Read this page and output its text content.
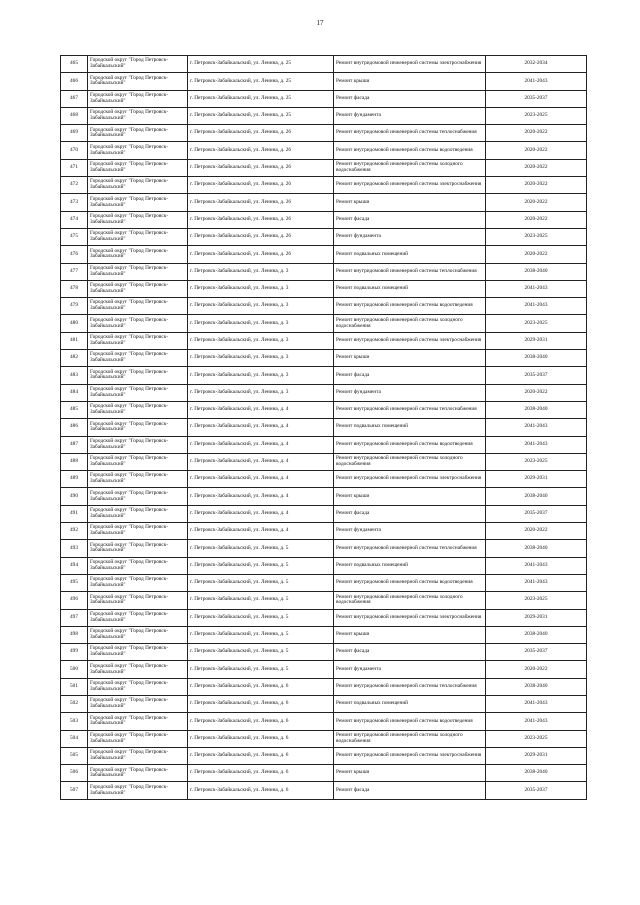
17
465	Городской округ "Город Петровск-Забайкальский"	г. Петровск-Забайкальский, ул. Ленина, д. 25	Ремонт внутридомовой инженерной системы электроснабжения	2032-2034
466	Городской округ "Город Петровск-Забайкальский"	г. Петровск-Забайкальский, ул. Ленина, д. 25	Ремонт крыши	2041-2043
467	Городской округ "Город Петровск-Забайкальский"	г. Петровск-Забайкальский, ул. Ленина, д. 25	Ремонт фасада	2035-2037
468	Городской округ "Город Петровск-Забайкальский"	г. Петровск-Забайкальский, ул. Ленина, д. 25	Ремонт фундамента	2023-2025
469	Городской округ "Город Петровск-Забайкальский"	г. Петровск-Забайкальский, ул. Ленина, д. 26	Ремонт внутридомовой инженерной системы теплоснабжения	2020-2022
470	Городской округ "Город Петровск-Забайкальский"	г. Петровск-Забайкальский, ул. Ленина, д. 26	Ремонт внутридомовой инженерной системы водоотведения	2020-2022
471	Городской округ "Город Петровск-Забайкальский"	г. Петровск-Забайкальский, ул. Ленина, д. 26	Ремонт внутридомовой инженерной системы холодного водоснабжения	2020-2022
472	Городской округ "Город Петровск-Забайкальский"	г. Петровск-Забайкальский, ул. Ленина, д. 26	Ремонт внутридомовой инженерной системы электроснабжения	2020-2022
473	Городской округ "Город Петровск-Забайкальский"	г. Петровск-Забайкальский, ул. Ленина, д. 26	Ремонт крыши	2020-2022
474	Городской округ "Город Петровск-Забайкальский"	г. Петровск-Забайкальский, ул. Ленина, д. 26	Ремонт фасада	2020-2022
475	Городской округ "Город Петровск-Забайкальский"	г. Петровск-Забайкальский, ул. Ленина, д. 26	Ремонт фундамента	2023-2025
476	Городской округ "Город Петровск-Забайкальский"	г. Петровск-Забайкальский, ул. Ленина, д. 26	Ремонт подвальных помещений	2020-2022
477	Городской округ "Город Петровск-Забайкальский"	г. Петровск-Забайкальский, ул. Ленина, д. 3	Ремонт внутридомовой инженерной системы теплоснабжения	2038-2040
478	Городской округ "Город Петровск-Забайкальский"	г. Петровск-Забайкальский, ул. Ленина, д. 3	Ремонт подвальных помещений	2041-2043
479	Городской округ "Город Петровск-Забайкальский"	г. Петровск-Забайкальский, ул. Ленина, д. 3	Ремонт внутридомовой инженерной системы водоотведения	2041-2043
480	Городской округ "Город Петровск-Забайкальский"	г. Петровск-Забайкальский, ул. Ленина, д. 3	Ремонт внутридомовой инженерной системы холодного водоснабжения	2023-2025
481	Городской округ "Город Петровск-Забайкальский"	г. Петровск-Забайкальский, ул. Ленина, д. 3	Ремонт внутридомовой инженерной системы электроснабжения	2029-2031
482	Городской округ "Город Петровск-Забайкальский"	г. Петровск-Забайкальский, ул. Ленина, д. 3	Ремонт крыши	2038-2040
483	Городской округ "Город Петровск-Забайкальский"	г. Петровск-Забайкальский, ул. Ленина, д. 3	Ремонт фасада	2035-2037
484	Городской округ "Город Петровск-Забайкальский"	г. Петровск-Забайкальский, ул. Ленина, д. 3	Ремонт фундамента	2020-2022
485	Городской округ "Город Петровск-Забайкальский"	г. Петровск-Забайкальский, ул. Ленина, д. 4	Ремонт внутридомовой инженерной системы теплоснабжения	2038-2040
486	Городской округ "Город Петровск-Забайкальский"	г. Петровск-Забайкальский, ул. Ленина, д. 4	Ремонт подвальных помещений	2041-2043
487	Городской округ "Город Петровск-Забайкальский"	г. Петровск-Забайкальский, ул. Ленина, д. 4	Ремонт внутридомовой инженерной системы водоотведения	2041-2043
488	Городской округ "Город Петровск-Забайкальский"	г. Петровск-Забайкальский, ул. Ленина, д. 4	Ремонт внутридомовой инженерной системы холодного водоснабжения	2023-2025
489	Городской округ "Город Петровск-Забайкальский"	г. Петровск-Забайкальский, ул. Ленина, д. 4	Ремонт внутридомовой инженерной системы электроснабжения	2029-2031
490	Городской округ "Город Петровск-Забайкальский"	г. Петровск-Забайкальский, ул. Ленина, д. 4	Ремонт крыши	2038-2040
491	Городской округ "Город Петровск-Забайкальский"	г. Петровск-Забайкальский, ул. Ленина, д. 4	Ремонт фасада	2035-2037
492	Городской округ "Город Петровск-Забайкальский"	г. Петровск-Забайкальский, ул. Ленина, д. 4	Ремонт фундамента	2020-2022
493	Городской округ "Город Петровск-Забайкальский"	г. Петровск-Забайкальский, ул. Ленина, д. 5	Ремонт внутридомовой инженерной системы теплоснабжения	2038-2040
494	Городской округ "Город Петровск-Забайкальский"	г. Петровск-Забайкальский, ул. Ленина, д. 5	Ремонт подвальных помещений	2041-2043
495	Городской округ "Город Петровск-Забайкальский"	г. Петровск-Забайкальский, ул. Ленина, д. 5	Ремонт внутридомовой инженерной системы водоотведения	2041-2043
496	Городской округ "Город Петровск-Забайкальский"	г. Петровск-Забайкальский, ул. Ленина, д. 5	Ремонт внутридомовой инженерной системы холодного водоснабжения	2023-2025
497	Городской округ "Город Петровск-Забайкальский"	г. Петровск-Забайкальский, ул. Ленина, д. 5	Ремонт внутридомовой инженерной системы электроснабжения	2029-2031
498	Городской округ "Город Петровск-Забайкальский"	г. Петровск-Забайкальский, ул. Ленина, д. 5	Ремонт крыши	2038-2040
499	Городской округ "Город Петровск-Забайкальский"	г. Петровск-Забайкальский, ул. Ленина, д. 5	Ремонт фасада	2035-2037
500	Городской округ "Город Петровск-Забайкальский"	г. Петровск-Забайкальский, ул. Ленина, д. 5	Ремонт фундамента	2020-2022
501	Городской округ "Город Петровск-Забайкальский"	г. Петровск-Забайкальский, ул. Ленина, д. 6	Ремонт внутридомовой инженерной системы теплоснабжения	2038-2040
502	Городской округ "Город Петровск-Забайкальский"	г. Петровск-Забайкальский, ул. Ленина, д. 6	Ремонт подвальных помещений	2041-2043
503	Городской округ "Город Петровск-Забайкальский"	г. Петровск-Забайкальский, ул. Ленина, д. 6	Ремонт внутридомовой инженерной системы водоотведения	2041-2043
504	Городской округ "Город Петровск-Забайкальский"	г. Петровск-Забайкальский, ул. Ленина, д. 6	Ремонт внутридомовой инженерной системы холодного водоснабжения	2023-2025
505	Городской округ "Город Петровск-Забайкальский"	г. Петровск-Забайкальский, ул. Ленина, д. 6	Ремонт внутридомовой инженерной системы электроснабжения	2029-2031
506	Городской округ "Город Петровск-Забайкальский"	г. Петровск-Забайкальский, ул. Ленина, д. 6	Ремонт крыши	2038-2040
507	Городской округ "Город Петровск-Забайкальский"	г. Петровск-Забайкальский, ул. Ленина, д. 6	Ремонт фасада	2035-2037
